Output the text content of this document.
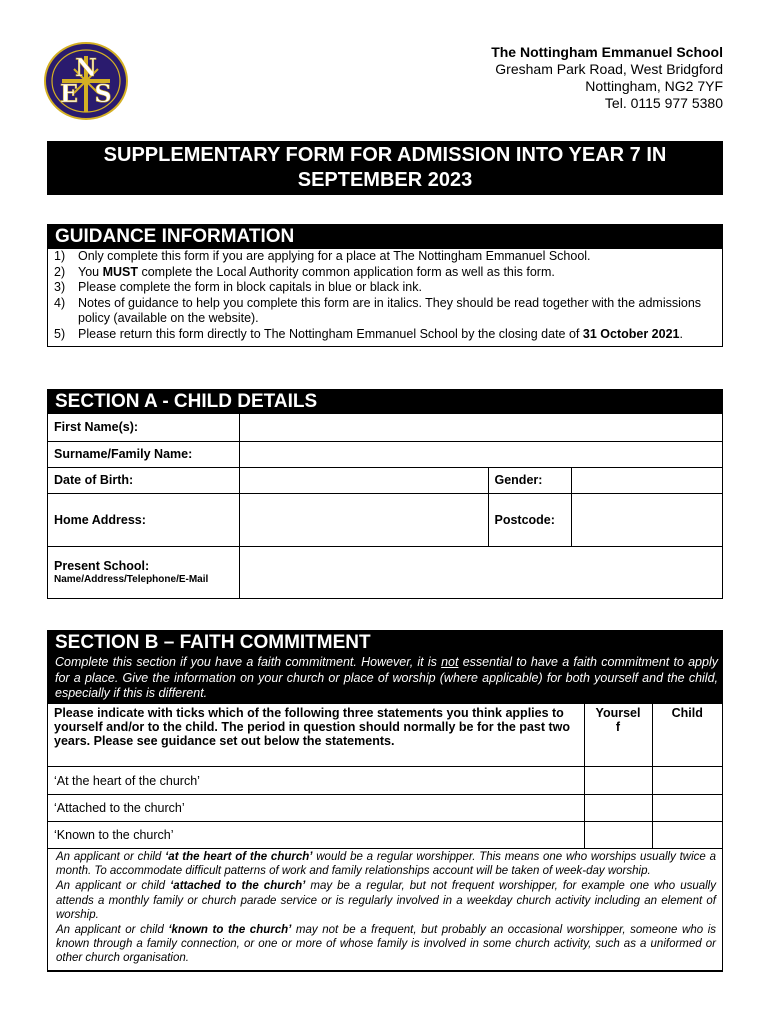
N
E S
The Nottingham Emmanuel School
Gresham Park Road, West Bridgford
Nottingham, NG2 7YF
Tel. 0115 977 5380
SUPPLEMENTARY FORM FOR ADMISSION INTO YEAR 7 IN
SEPTEMBER 2023
GUIDANCE INFORMATION
1)	Only complete this form if you are applying for a place at The Nottingham Emmanuel School.
2)	You MUST complete the Local Authority common application form as well as this form.
3)	Please complete the form in block capitals in blue or black ink.
4)	Notes of guidance to help you complete this form are in italics. They should be read together with the admissions policy (available on the website).
5)	Please return this form directly to The Nottingham Emmanuel School by the closing date of 31 October 2021.
SECTION A - CHILD DETAILS
First Name(s):			
Surname/Family Name:			
Date of Birth:		Gender:	
Home Address:		Postcode:	

Present School:
Name/Address/Telephone/E-Mail			

SECTION B – FAITH COMMITMENT
Complete this section if you have a faith commitment. However, it is not essential to have a faith commitment to apply for a place. Give the information on your church or place of worship (where applicable) for both yourself and the child, especially if this is different.
Please indicate with ticks which of the following three statements you think applies to yourself and/or to the child. The period in question should normally be for the past two years. Please see guidance set out below the statements.	Yourself	Child
‘At the heart of the church’		
‘Attached to the church’		
‘Known to the church’		

An applicant or child ‘at the heart of the church’ would be a regular worshipper. This means one who worships usually twice a month. To accommodate difficult patterns of work and family relationships account will be taken of week-day worship.

An applicant or child ‘attached to the church’ may be a regular, but not frequent worshipper, for example one who usually attends a monthly family or church parade service or is regularly involved in a weekday church activity including an element of worship.

An applicant or child ‘known to the church’ may not be a frequent, but probably an occasional worshipper, someone who is known through a family connection, or one or more of whose family is involved in some church activity, such as a uniformed or other church organisation.		
